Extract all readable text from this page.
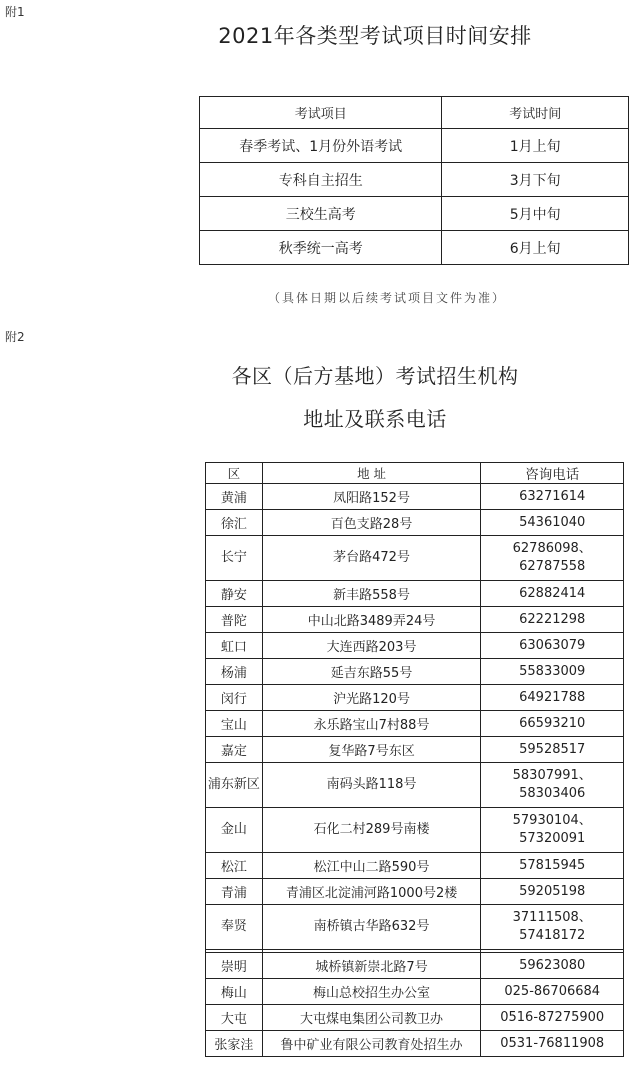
附1
2021年各类型考试项目时间安排
考试项目	考试时间
春季考试、1月份外语考试	1月上旬
专科自主招生	3月下旬
三校生高考	5月中旬
秋季统一高考	6月上旬
（具体日期以后续考试项目文件为准）
附2
各区（后方基地）考试招生机构
地址及联系电话
区	地 址	咨询电话
黄浦	凤阳路152号	63271614
徐汇	百色支路28号	54361040
长宁	茅台路472号	62786098、
62787558
静安	新丰路558号	62882414
普陀	中山北路3489弄24号	62221298
虹口	大连西路203号	63063079
杨浦	延吉东路55号	55833009
闵行	沪光路120号	64921788
宝山	永乐路宝山7村88号	66593210
嘉定	复华路7号东区	59528517
浦东新区	南码头路118号	58307991、
58303406
金山	石化二村289号南楼	57930104、
57320091
松江	松江中山二路590号	57815945
青浦	青浦区北淀浦河路1000号2楼	59205198
奉贤	南桥镇古华路632号	37111508、
57418172

崇明	城桥镇新崇北路7号	59623080
梅山	梅山总校招生办公室	025-86706684
大屯	大屯煤电集团公司教卫办	0516-87275900
张家洼	鲁中矿业有限公司教育处招生办	0531-76811908
